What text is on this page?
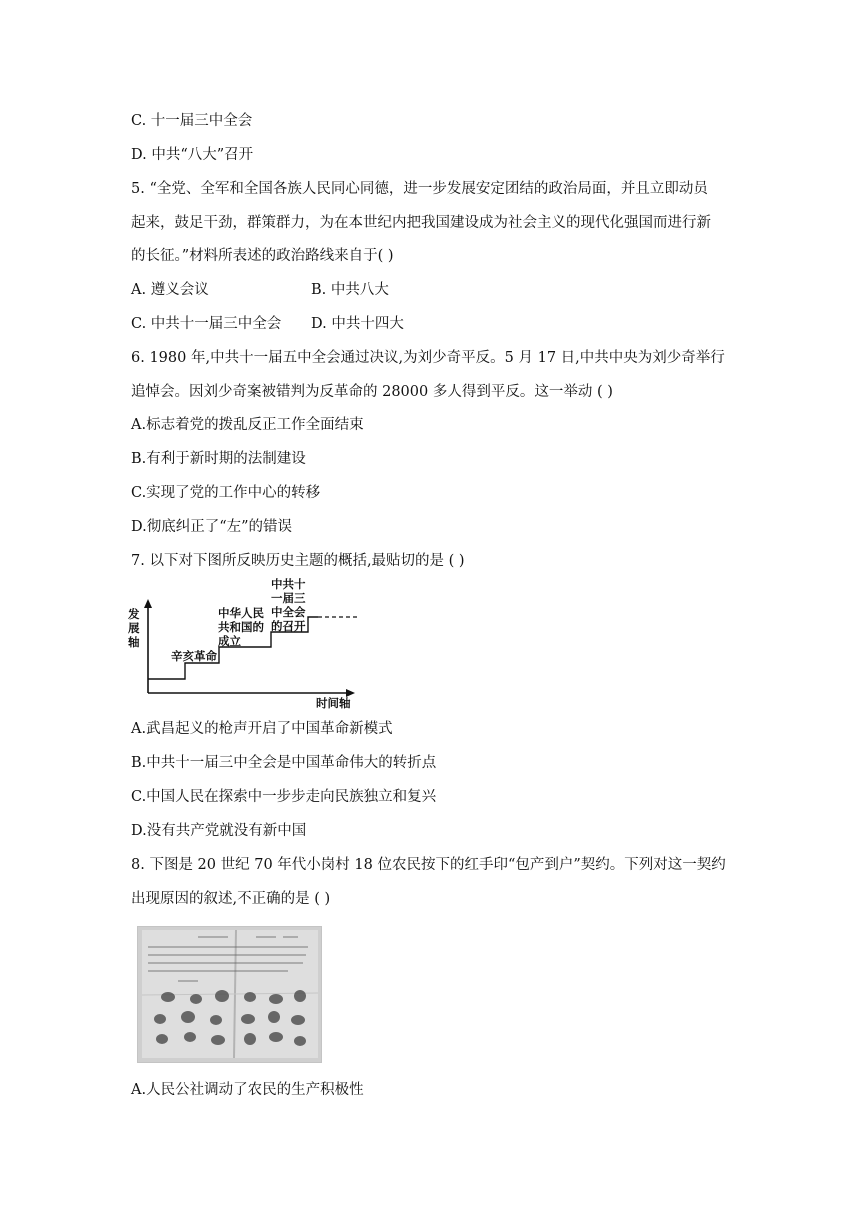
C. 十一届三中全会
D. 中共“八大”召开
5. “全党、全军和全国各族人民同心同德，进一步发展安定团结的政治局面，并且立即动员
起来，鼓足干劲，群策群力，为在本世纪内把我国建设成为社会主义的现代化强国而进行新
的长征。”材料所表述的政治路线来自于( )
A. 遵义会议	B. 中共八大
C. 中共十一届三中全会 D. 中共十四大
6. 1980 年,中共十一届五中全会通过决议,为刘少奇平反。5 月 17 日,中共中央为刘少奇举行
追悼会。因刘少奇案被错判为反革命的 28000 多人得到平反。这一举动 ( )
A.标志着党的拨乱反正工作全面结束
B.有利于新时期的法制建设
C.实现了党的工作中心的转移
D.彻底纠正了“左”的错误
7. 以下对下图所反映历史主题的概括,最贴切的是 ( )
发
展
轴
时间轴
辛亥革命
中华人民
共和国的
成立
中共十
一届三
中全会
的召开
A.武昌起义的枪声开启了中国革命新模式
B.中共十一届三中全会是中国革命伟大的转折点
C.中国人民在探索中一步步走向民族独立和复兴
D.没有共产党就没有新中国
8. 下图是 20 世纪 70 年代小岗村 18 位农民按下的红手印“包产到户”契约。下列对这一契约
出现原因的叙述,不正确的是 ( )
A.人民公社调动了农民的生产积极性
